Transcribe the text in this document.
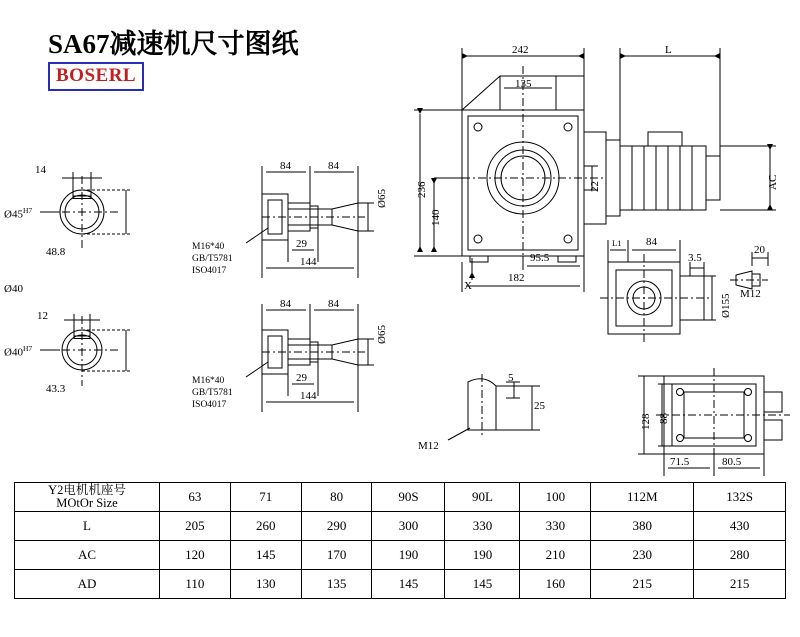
SA67减速机尺寸图纸
BOSERL
14
$Ø45^{H7}$
48.8
Ø40
12
$Ø40^{H7}$
43.3
84	84
29
144
Ø65
M16*40
GB/T5781
ISO4017
84	84
29
144
Ø65
M16*40
GB/T5781
ISO4017
242
135
L
236
140
22	AC
95.5
182
X
L1 84
3.5
20
Ø155 M12
5
25
M12
128 88
71.5	80.5
Y2电机机座号
MOtOr Size	63	71	80	90S	90L	100	112M	132S
L	205	260	290	300	330	330	380	430
AC	120	145	170	190	190	210	230	280
AD	110	130	135	145	145	160	215	215
